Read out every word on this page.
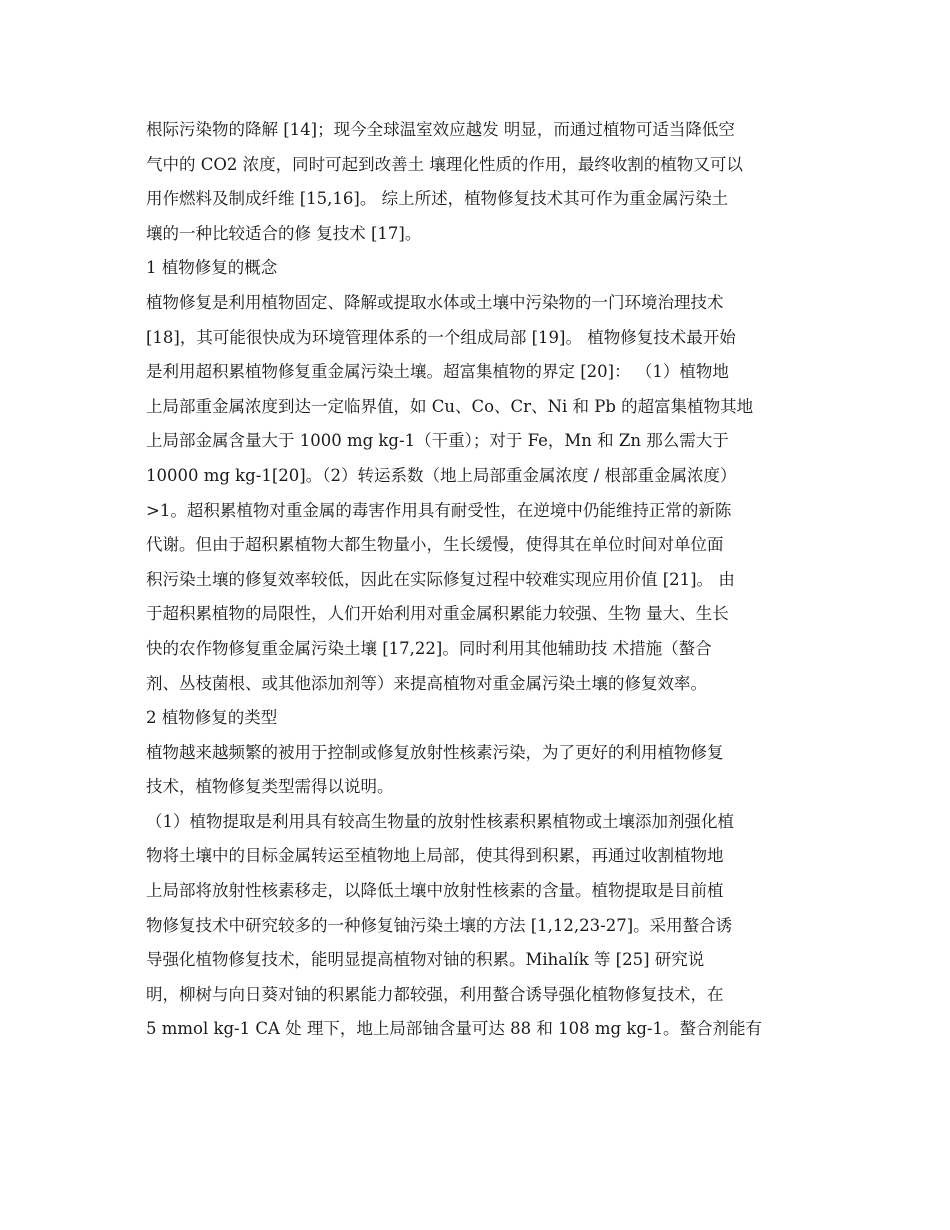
根际污染物的降解 [14]；现今全球温室效应越发 明显，而通过植物可适当降低空
气中的 CO2 浓度，同时可起到改善土 壤理化性质的作用，最终收割的植物又可以
用作燃料及制成纤维 [15,16]。 综上所述，植物修复技术其可作为重金属污染土
壤的一种比较适合的修 复技术 [17]。
1 植物修复的概念
植物修复是利用植物固定、降解或提取水体或土壤中污染物的一门环境治理技术
[18]，其可能很快成为环境管理体系的一个组成局部 [19]。 植物修复技术最开始
是利用超积累植物修复重金属污染土壤。超富集植物的界定 [20]： （1）植物地
上局部重金属浓度到达一定临界值，如 Cu、Co、Cr、Ni 和 Pb 的超富集植物其地
上局部金属含量大于 1000 mg kg-1（干重）；对于 Fe，Mn 和 Zn 那么需大于
10000 mg kg-1[20]。（2）转运系数（地上局部重金属浓度 / 根部重金属浓度）
>1。超积累植物对重金属的毒害作用具有耐受性，在逆境中仍能维持正常的新陈
代谢。但由于超积累植物大都生物量小，生长缓慢，使得其在单位时间对单位面
积污染土壤的修复效率较低，因此在实际修复过程中较难实现应用价值 [21]。 由
于超积累植物的局限性，人们开始利用对重金属积累能力较强、生物 量大、生长
快的农作物修复重金属污染土壤 [17,22]。同时利用其他辅助技 术措施（螯合
剂、丛枝菌根、或其他添加剂等）来提高植物对重金属污染土壤的修复效率。
2 植物修复的类型
植物越来越频繁的被用于控制或修复放射性核素污染，为了更好的利用植物修复
技术，植物修复类型需得以说明。
（1）植物提取是利用具有较高生物量的放射性核素积累植物或土壤添加剂强化植
物将土壤中的目标金属转运至植物地上局部，使其得到积累，再通过收割植物地
上局部将放射性核素移走，以降低土壤中放射性核素的含量。植物提取是目前植
物修复技术中研究较多的一种修复铀污染土壤的方法 [1,12,23-27]。采用螯合诱
导强化植物修复技术，能明显提高植物对铀的积累。Mihalík 等 [25] 研究说
明，柳树与向日葵对铀的积累能力都较强，利用螯合诱导强化植物修复技术，在
5 mmol kg-1 CA 处 理下，地上局部铀含量可达 88 和 108 mg kg-1。螯合剂能有
